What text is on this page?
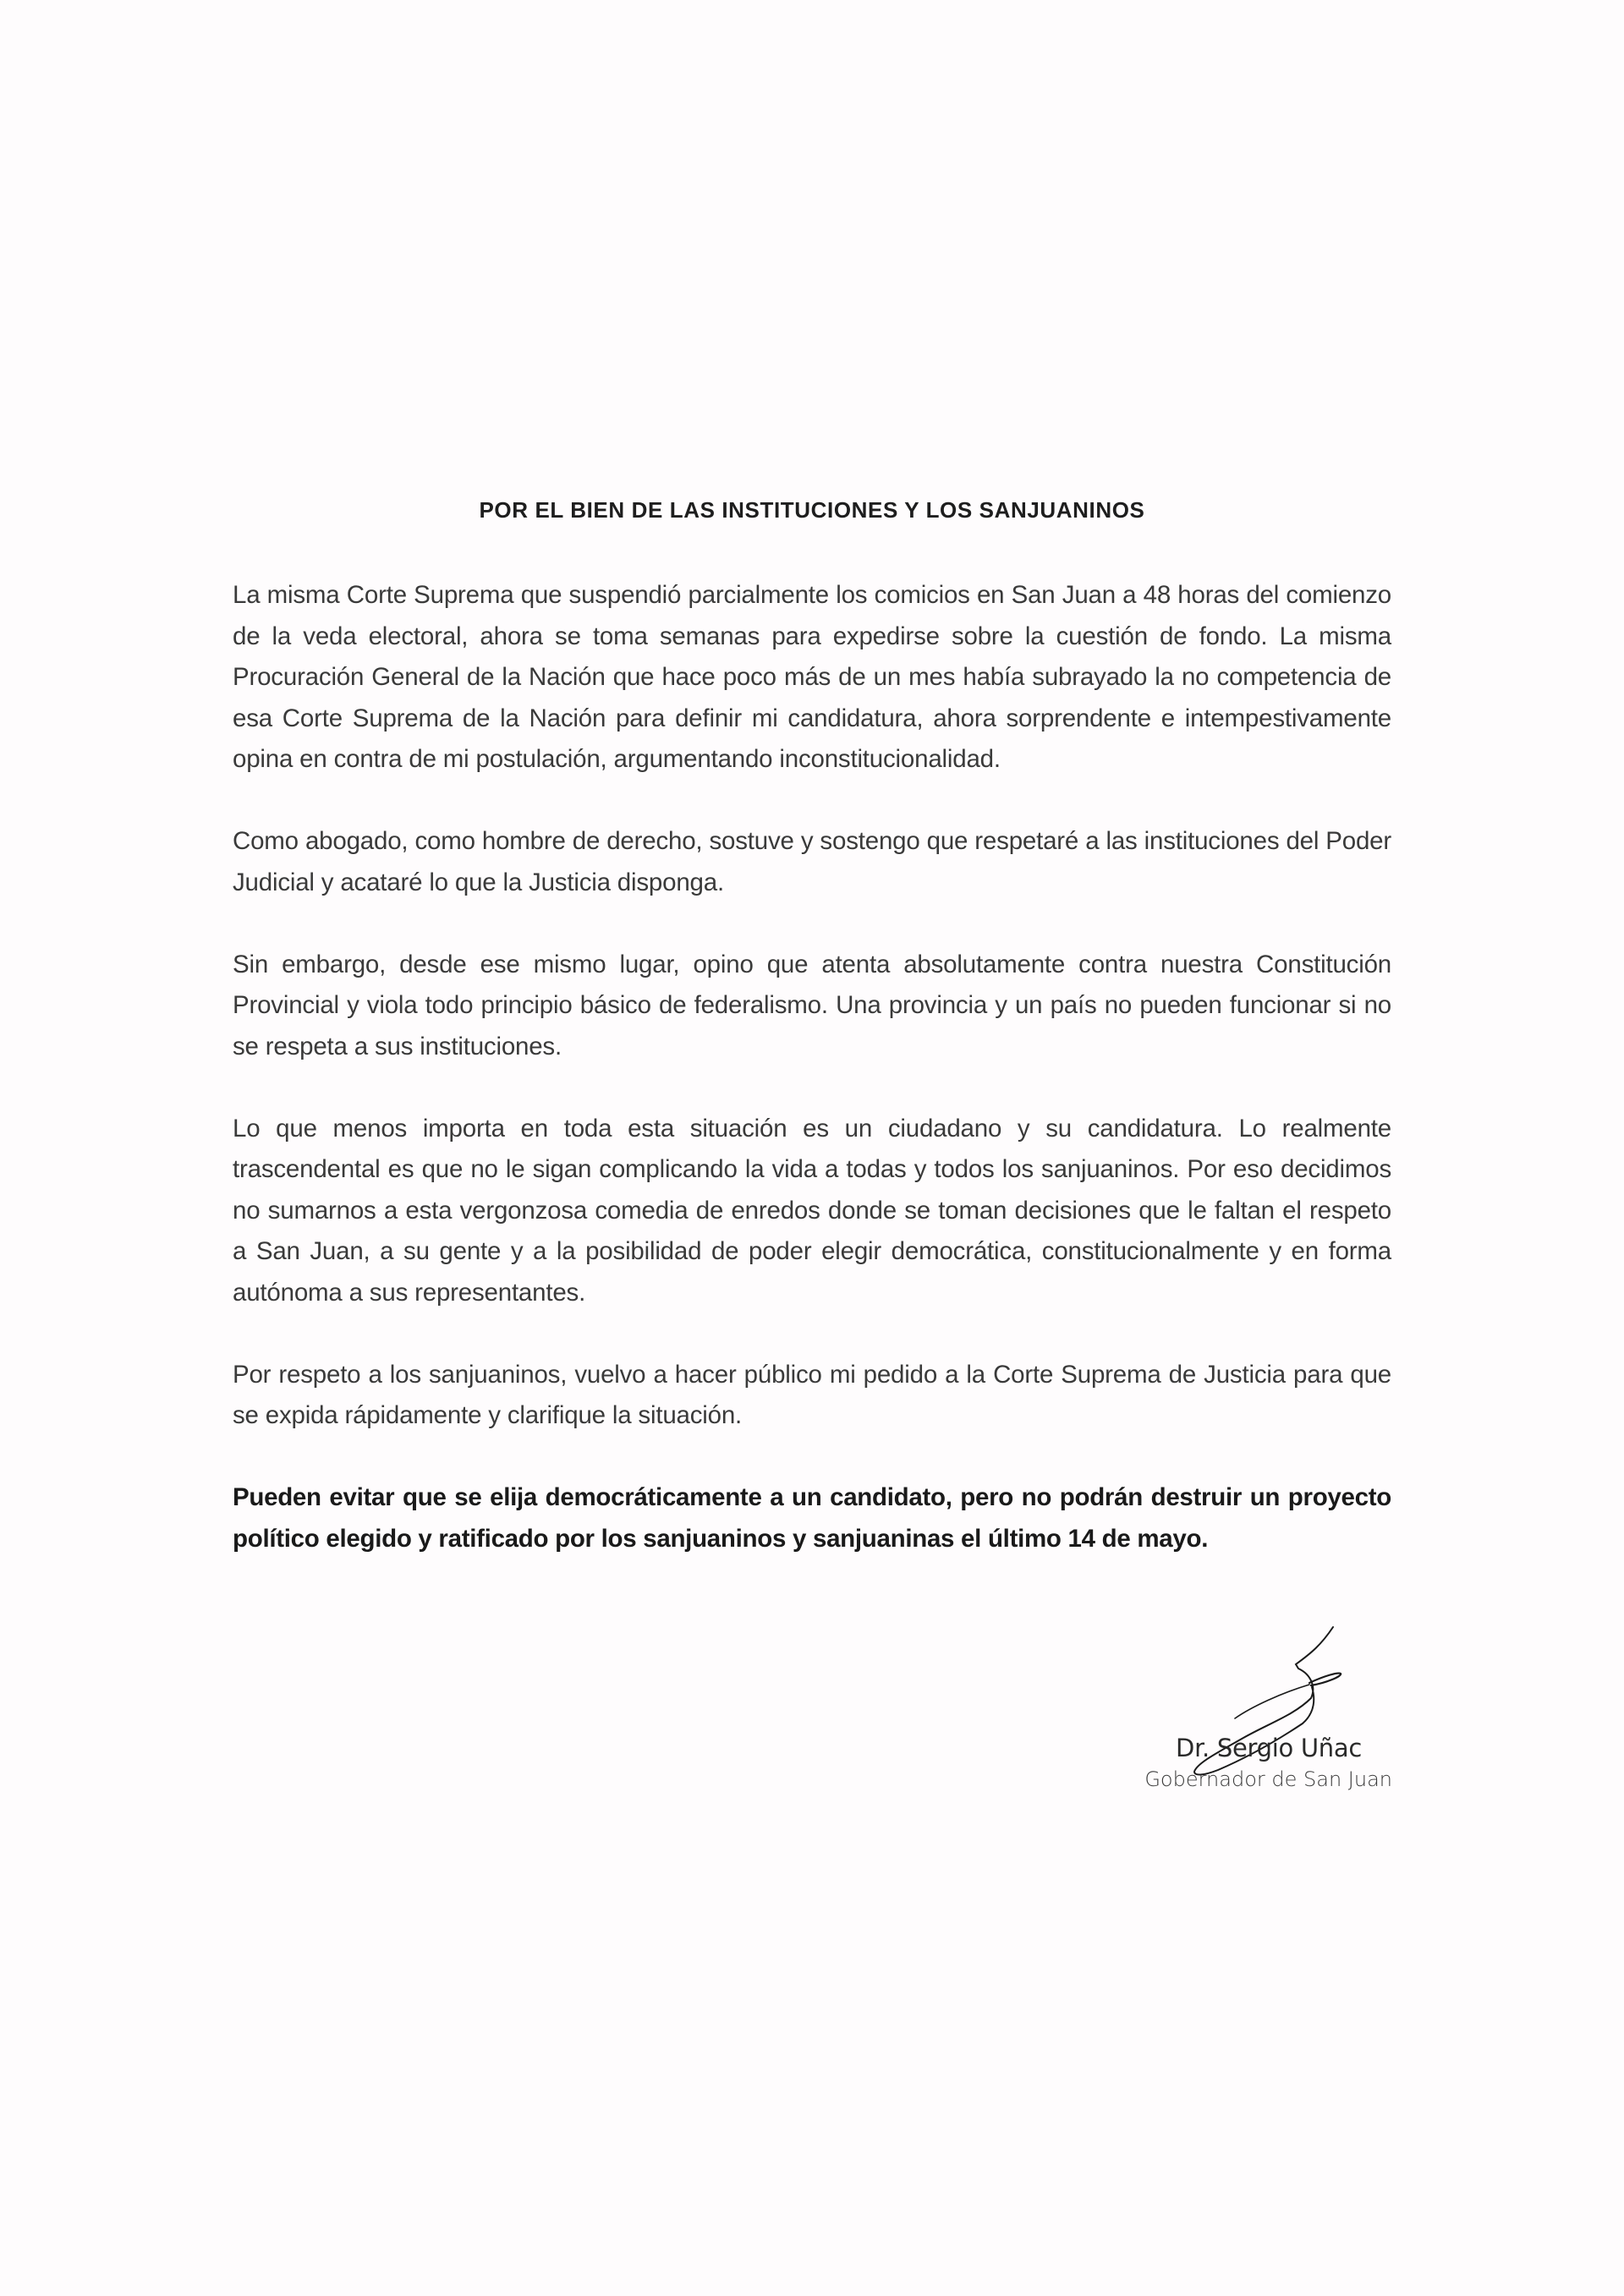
POR EL BIEN DE LAS INSTITUCIONES Y LOS SANJUANINOS

La misma Corte Suprema que suspendió parcialmente los comicios en San Juan a 48 horas del comienzo de la veda electoral, ahora se toma semanas para expedirse sobre la cuestión de fondo. La misma Procuración General de la Nación que hace poco más de un mes había subrayado la no competencia de esa Corte Suprema de la Nación para definir mi candidatura, ahora sorprendente e intempestivamente opina en contra de mi postulación, argumentando inconstitucionalidad.

Como abogado, como hombre de derecho, sostuve y sostengo que respetaré a las instituciones del Poder Judicial y acataré lo que la Justicia disponga.

Sin embargo, desde ese mismo lugar, opino que atenta absolutamente contra nuestra Constitución Provincial y viola todo principio básico de federalismo. Una provincia y un país no pueden funcionar si no se respeta a sus instituciones.

Lo que menos importa en toda esta situación es un ciudadano y su candidatura. Lo realmente trascendental es que no le sigan complicando la vida a todas y todos los sanjuaninos. Por eso decidimos no sumarnos a esta vergonzosa comedia de enredos donde se toman decisiones que le faltan el respeto a San Juan, a su gente y a la posibilidad de poder elegir democrática, constitucionalmente y en forma autónoma a sus representantes.

Por respeto a los sanjuaninos, vuelvo a hacer público mi pedido a la Corte Suprema de Justicia para que se expida rápidamente y clarifique la situación.

Pueden evitar que se elija democráticamente a un candidato, pero no podrán destruir un proyecto político elegido y ratificado por los sanjuaninos y sanjuaninas el último 14 de mayo.

Dr. Sergio Uñac
Gobernador de San Juan
